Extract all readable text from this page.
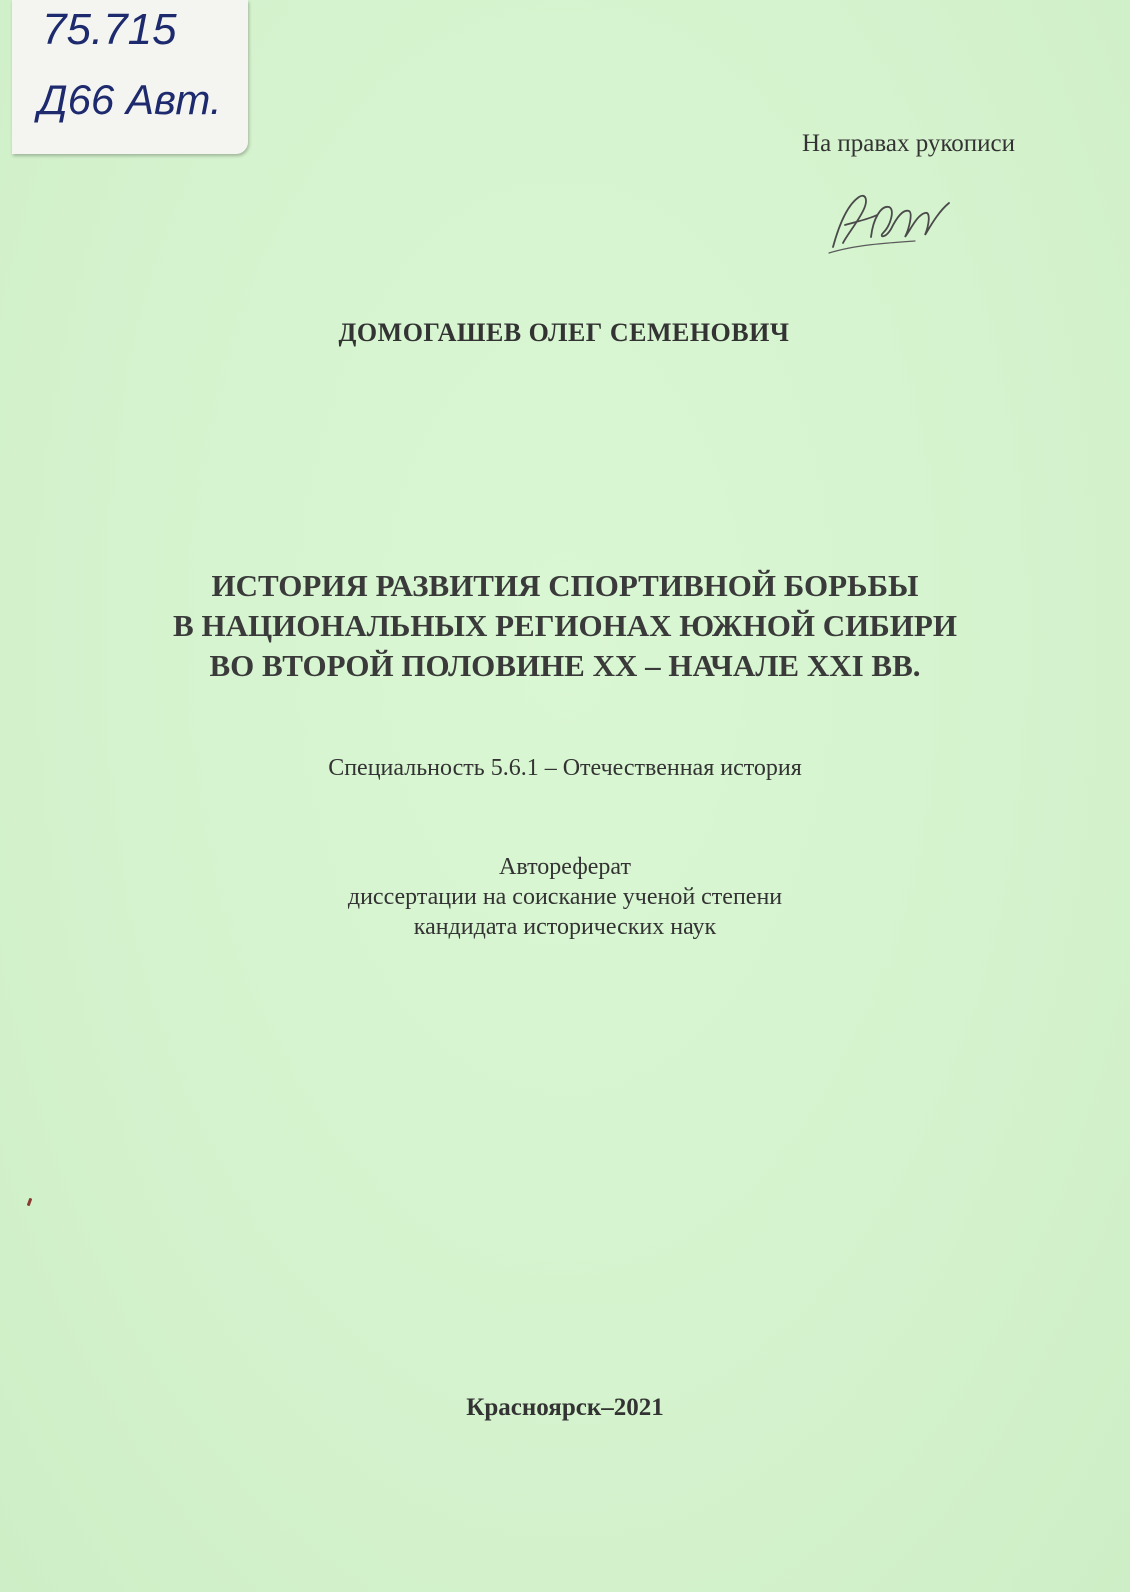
75.715
Д66 Авт.
На правах рукописи
ДОМОГАШЕВ ОЛЕГ СЕМЕНОВИЧ
ИСТОРИЯ РАЗВИТИЯ СПОРТИВНОЙ БОРЬБЫ
В НАЦИОНАЛЬНЫХ РЕГИОНАХ ЮЖНОЙ СИБИРИ
ВО ВТОРОЙ ПОЛОВИНЕ XX – НАЧАЛЕ XXI ВВ.
Специальность 5.6.1 – Отечественная история
Автореферат
диссертации на соискание ученой степени
кандидата исторических наук
Красноярск–2021
